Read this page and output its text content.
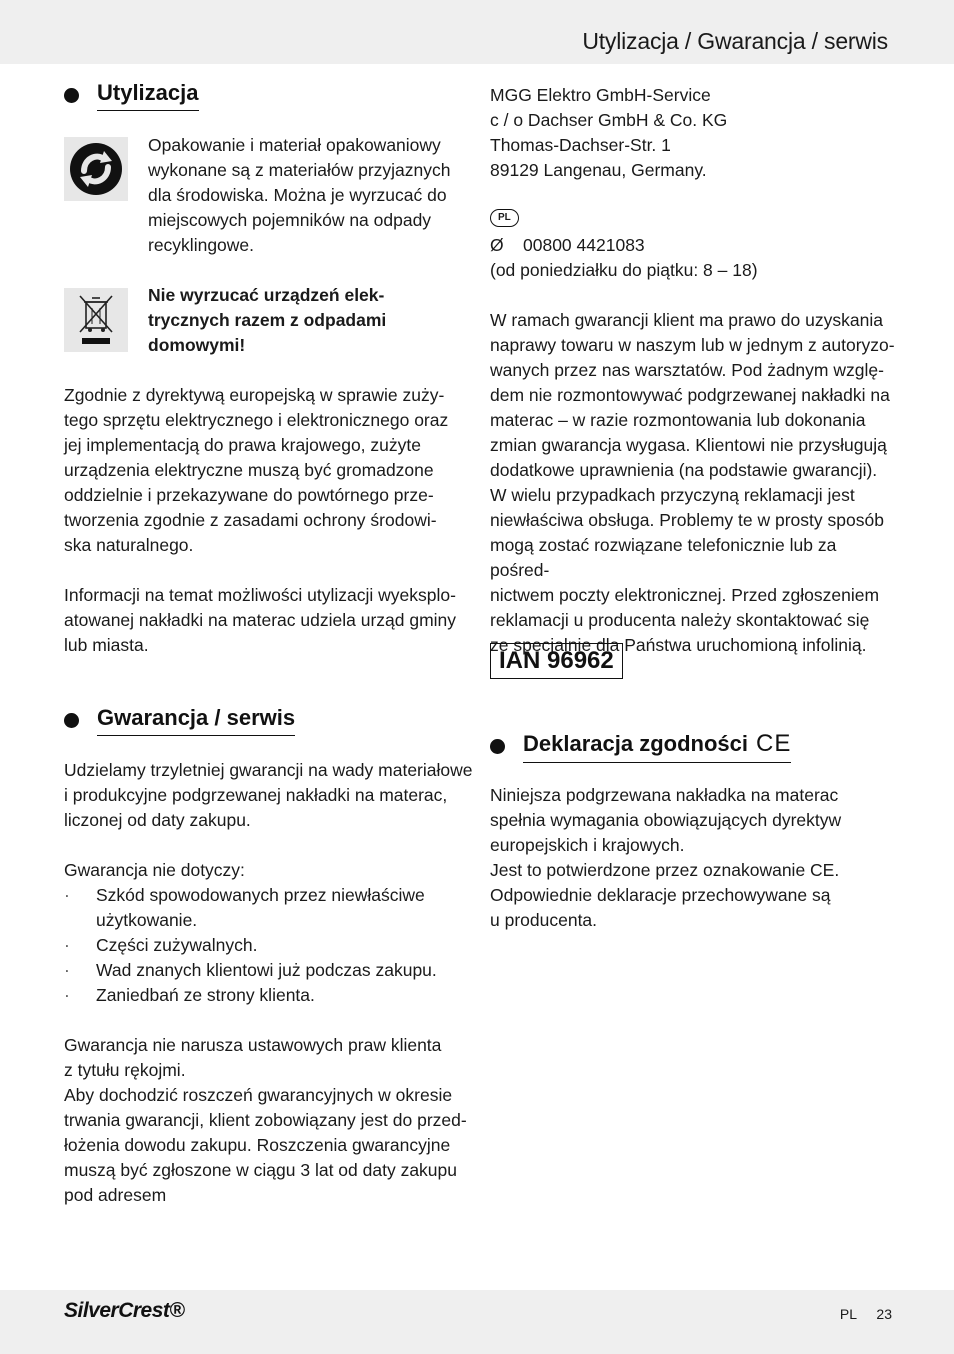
Utylizacja / Gwarancja / serwis
Utylizacja
Opakowanie i materiał opakowaniowy
wykonane są z materiałów przyjaznych
dla środowiska. Można je wyrzucać do
miejscowych pojemników na odpady
recyklingowe.
Nie wyrzucać urządzeń elek-
trycznych razem z odpadami
domowymi!
Zgodnie z dyrektywą europejską w sprawie zuży-
tego sprzętu elektrycznego i elektronicznego oraz
jej implementacją do prawa krajowego, zużyte
urządzenia elektryczne muszą być gromadzone
oddzielnie i przekazywane do powtórnego prze-
tworzenia zgodnie z zasadami ochrony środowi-
ska naturalnego.
Informacji na temat możliwości utylizacji wyeksplo-
atowanej nakładki na materac udziela urząd gminy
lub miasta.
Gwarancja / serwis
Udzielamy trzyletniej gwarancji na wady materiałowe
i produkcyjne podgrzewanej nakładki na materac,
liczonej od daty zakupu.
Gwarancja nie dotyczy:
· Szkód spowodowanych przez niewłaściwe
użytkowanie.
· Części zużywalnych.
· Wad znanych klientowi już podczas zakupu.
· Zaniedbań ze strony klienta.
Gwarancja nie narusza ustawowych praw klienta
z tytułu rękojmi.
Aby dochodzić roszczeń gwarancyjnych w okresie
trwania gwarancji, klient zobowiązany jest do przed-
łożenia dowodu zakupu. Roszczenia gwarancyjne
muszą być zgłoszone w ciągu 3 lat od daty zakupu
pod adresem
MGG Elektro GmbH-Service
c / o Dachser GmbH & Co. KG
Thomas-Dachser-Str. 1
89129 Langenau, Germany.
PL
Ø	00800 4421083
(od poniedziałku do piątku: 8 – 18)
W ramach gwarancji klient ma prawo do uzyskania
naprawy towaru w naszym lub w jednym z autoryzo-
wanych przez nas warsztatów. Pod żadnym wzglę-
dem nie rozmontowywać podgrzewanej nakładki na
materac – w razie rozmontowania lub dokonania
zmian gwarancja wygasa. Klientowi nie przysługują
dodatkowe uprawnienia (na podstawie gwarancji).
W wielu przypadkach przyczyną reklamacji jest
niewłaściwa obsługa. Problemy te w prosty sposób
mogą zostać rozwiązane telefonicznie lub za pośred-
nictwem poczty elektronicznej. Przed zgłoszeniem
reklamacji u producenta należy skontaktować się
ze specjalnie dla Państwa uruchomioną infolinią.
IAN 96962
Deklaracja zgodności CE
Niniejsza podgrzewana nakładka na materac
spełnia wymagania obowiązujących dyrektyw
europejskich i krajowych.
Jest to potwierdzone przez oznakowanie CE.
Odpowiednie deklaracje przechowywane są
u producenta.
SilverCrest®	PL 23
